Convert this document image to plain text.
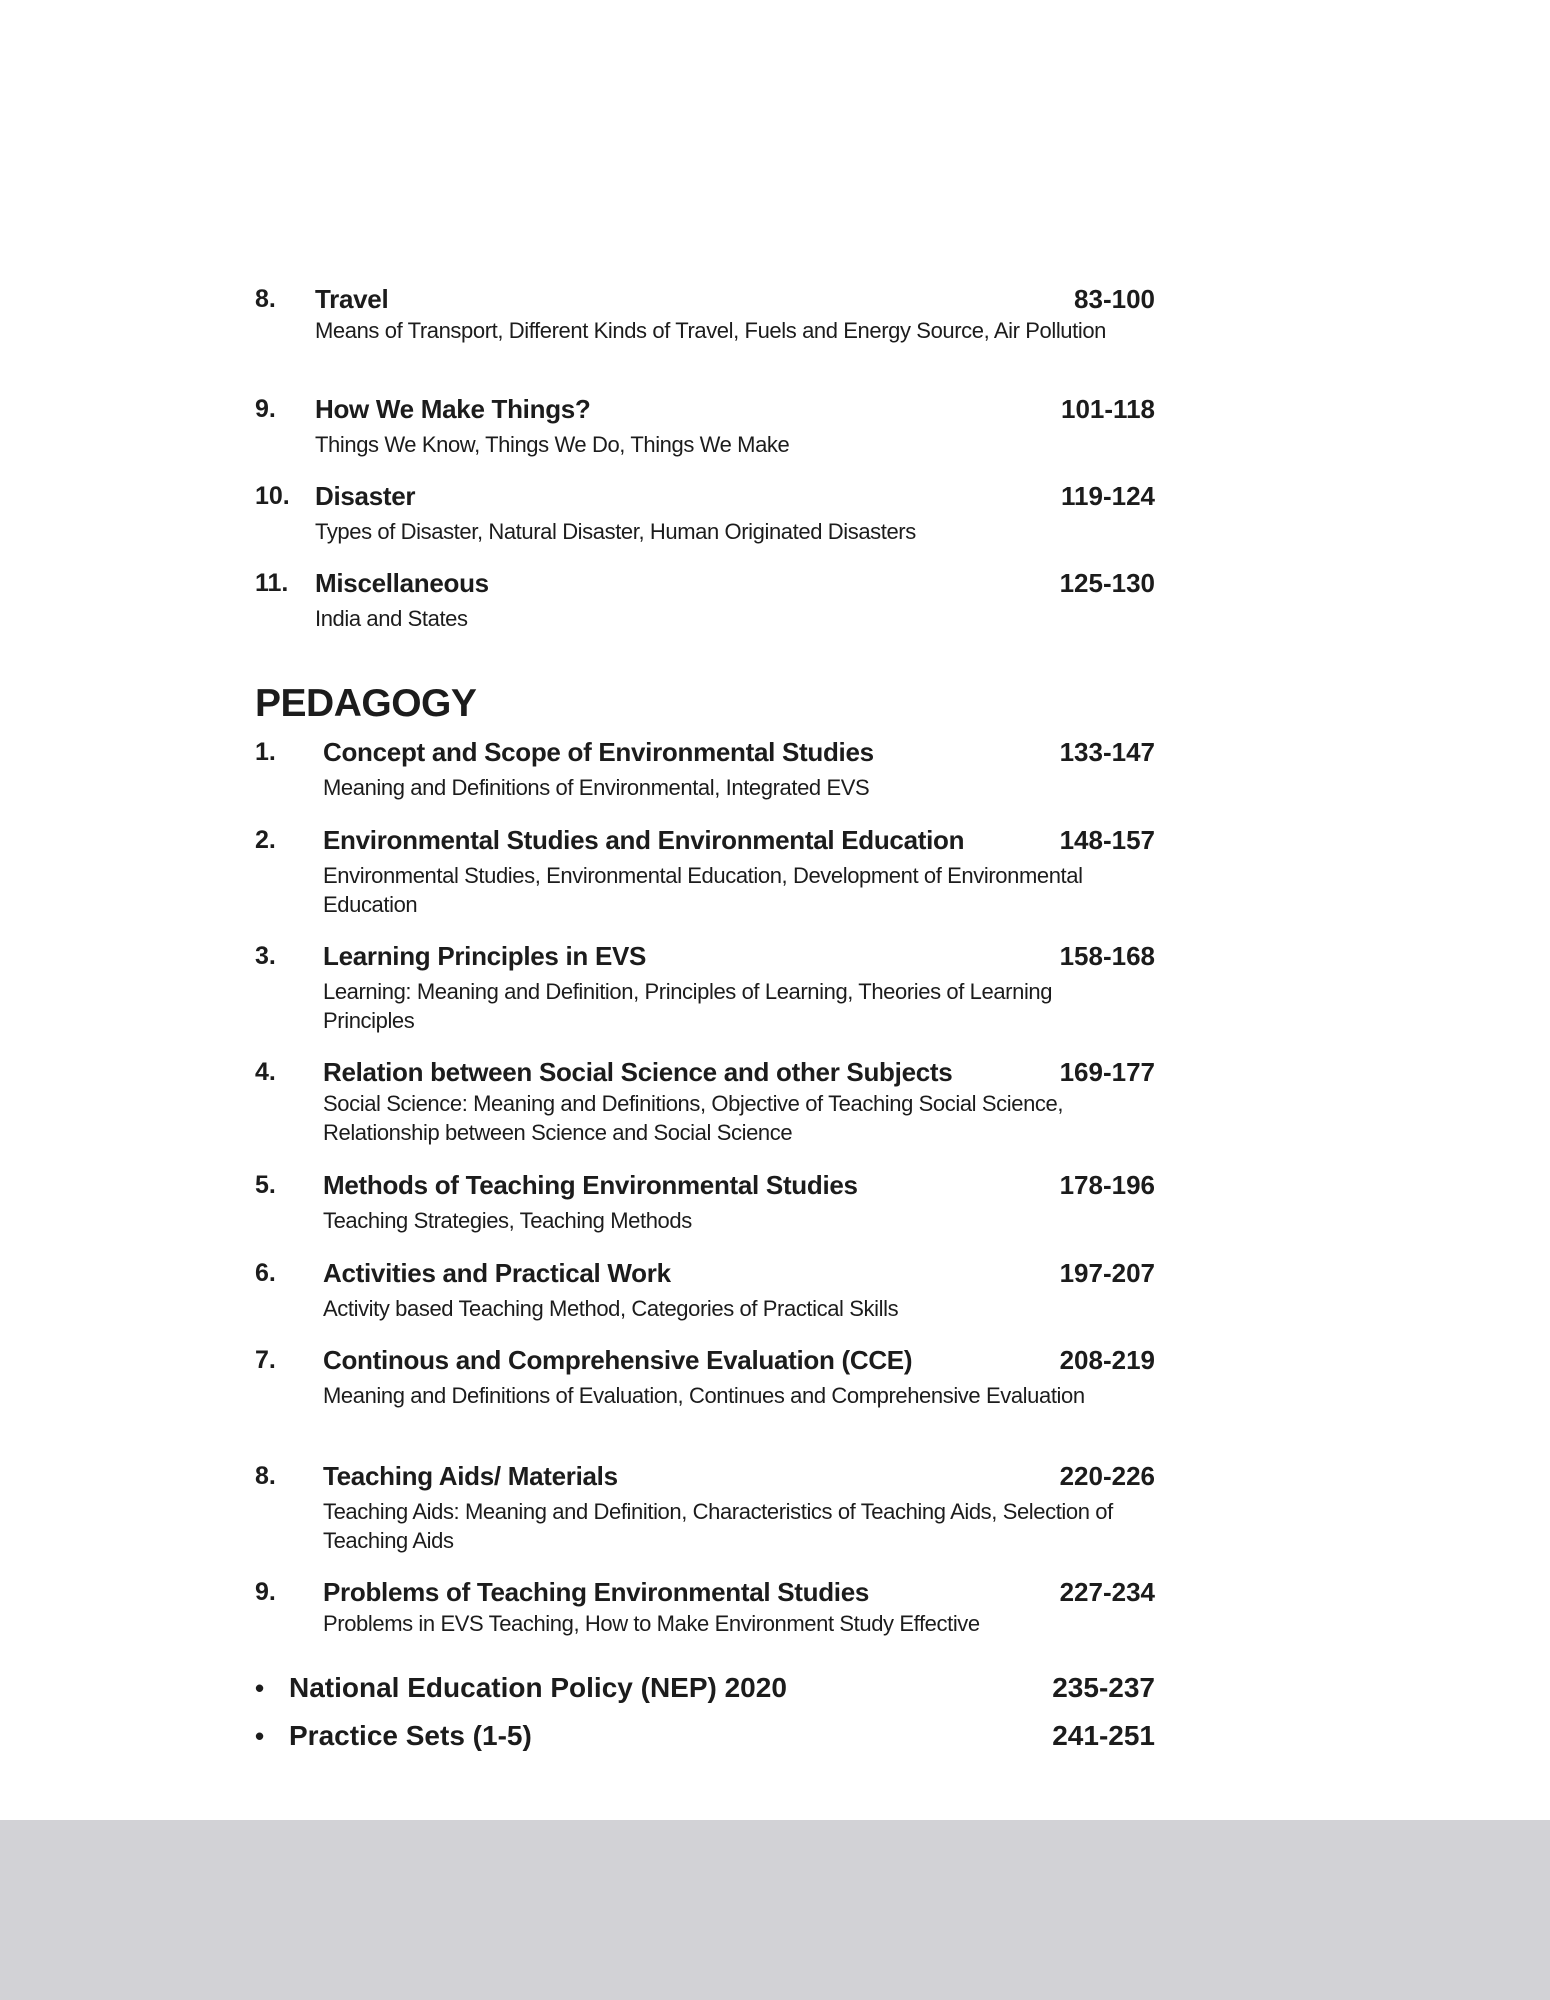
8. Travel	83-100
Means of Transport, Different Kinds of Travel, Fuels and Energy Source, Air Pollution
9. How We Make Things?	101-118
Things We Know, Things We Do, Things We Make
10. Disaster	119-124
Types of Disaster, Natural Disaster, Human Originated Disasters
11. Miscellaneous	125-130
India and States
PEDAGOGY
1. Concept and Scope of Environmental Studies	133-147
Meaning and Definitions of Environmental, Integrated EVS
2. Environmental Studies and Environmental Education	148-157
Environmental Studies, Environmental Education, Development of Environmental Education
3. Learning Principles in EVS	158-168
Learning: Meaning and Definition, Principles of Learning, Theories of Learning Principles
4. Relation between Social Science and other Subjects	169-177
Social Science: Meaning and Definitions, Objective of Teaching Social Science, Relationship between Science and Social Science
5. Methods of Teaching Environmental Studies	178-196
Teaching Strategies, Teaching Methods
6. Activities and Practical Work	197-207
Activity based Teaching Method, Categories of Practical Skills
7. Continous and Comprehensive Evaluation (CCE)	208-219
Meaning and Definitions of Evaluation, Continues and Comprehensive Evaluation
8. Teaching Aids/ Materials	220-226
Teaching Aids: Meaning and Definition, Characteristics of Teaching Aids, Selection of Teaching Aids
9. Problems of Teaching Environmental Studies	227-234
Problems in EVS Teaching, How to Make Environment Study Effective
• National Education Policy (NEP) 2020	235-237
• Practice Sets (1-5)	241-251
